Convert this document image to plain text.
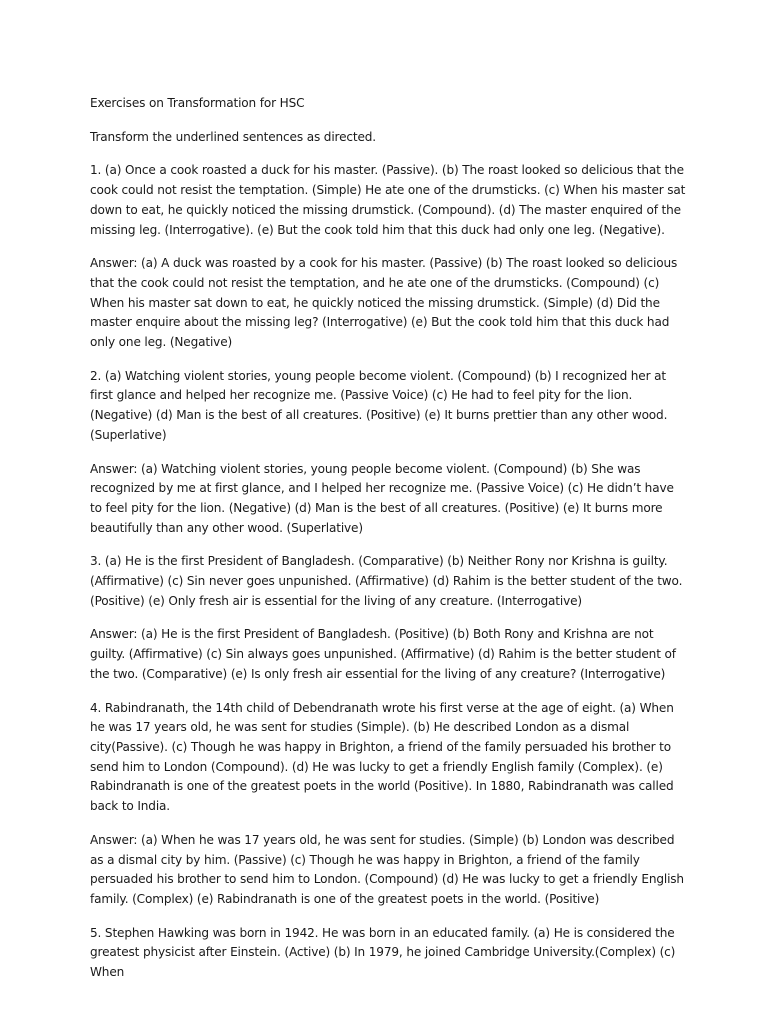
Exercises on Transformation for HSC

Transform the underlined sentences as directed.

1. (a) Once a cook roasted a duck for his master. (Passive). (b) The roast looked so delicious that the cook could not resist the temptation. (Simple) He ate one of the drumsticks. (c) When his master sat down to eat, he quickly noticed the missing drumstick. (Compound). (d) The master enquired of the missing leg. (Interrogative). (e) But the cook told him that this duck had only one leg. (Negative).

Answer: (a) A duck was roasted by a cook for his master. (Passive) (b) The roast looked so delicious that the cook could not resist the temptation, and he ate one of the drumsticks. (Compound) (c) When his master sat down to eat, he quickly noticed the missing drumstick. (Simple) (d) Did the master enquire about the missing leg? (Interrogative) (e) But the cook told him that this duck had only one leg. (Negative)

2. (a) Watching violent stories, young people become violent. (Compound) (b) I recognized her at first glance and helped her recognize me. (Passive Voice) (c) He had to feel pity for the lion. (Negative) (d) Man is the best of all creatures. (Positive) (e) It burns prettier than any other wood. (Superlative)

Answer: (a) Watching violent stories, young people become violent. (Compound) (b) She was recognized by me at first glance, and I helped her recognize me. (Passive Voice) (c) He didn’t have to feel pity for the lion. (Negative) (d) Man is the best of all creatures. (Positive) (e) It burns more beautifully than any other wood. (Superlative)

3. (a) He is the first President of Bangladesh. (Comparative) (b) Neither Rony nor Krishna is guilty. (Affirmative) (c) Sin never goes unpunished. (Affirmative) (d) Rahim is the better student of the two. (Positive) (e) Only fresh air is essential for the living of any creature. (Interrogative)

Answer: (a) He is the first President of Bangladesh. (Positive) (b) Both Rony and Krishna are not guilty. (Affirmative) (c) Sin always goes unpunished. (Affirmative) (d) Rahim is the better student of the two. (Comparative) (e) Is only fresh air essential for the living of any creature? (Interrogative)

4. Rabindranath, the 14th child of Debendranath wrote his first verse at the age of eight. (a) When he was 17 years old, he was sent for studies (Simple). (b) He described London as a dismal city(Passive). (c) Though he was happy in Brighton, a friend of the family persuaded his brother to send him to London (Compound). (d) He was lucky to get a friendly English family (Complex). (e) Rabindranath is one of the greatest poets in the world (Positive). In 1880, Rabindranath was called back to India.

Answer: (a) When he was 17 years old, he was sent for studies. (Simple) (b) London was described as a dismal city by him. (Passive) (c) Though he was happy in Brighton, a friend of the family persuaded his brother to send him to London. (Compound) (d) He was lucky to get a friendly English family. (Complex) (e) Rabindranath is one of the greatest poets in the world. (Positive)

5. Stephen Hawking was born in 1942. He was born in an educated family. (a) He is considered the greatest physicist after Einstein. (Active) (b) In 1979, he joined Cambridge University.(Complex) (c) When
